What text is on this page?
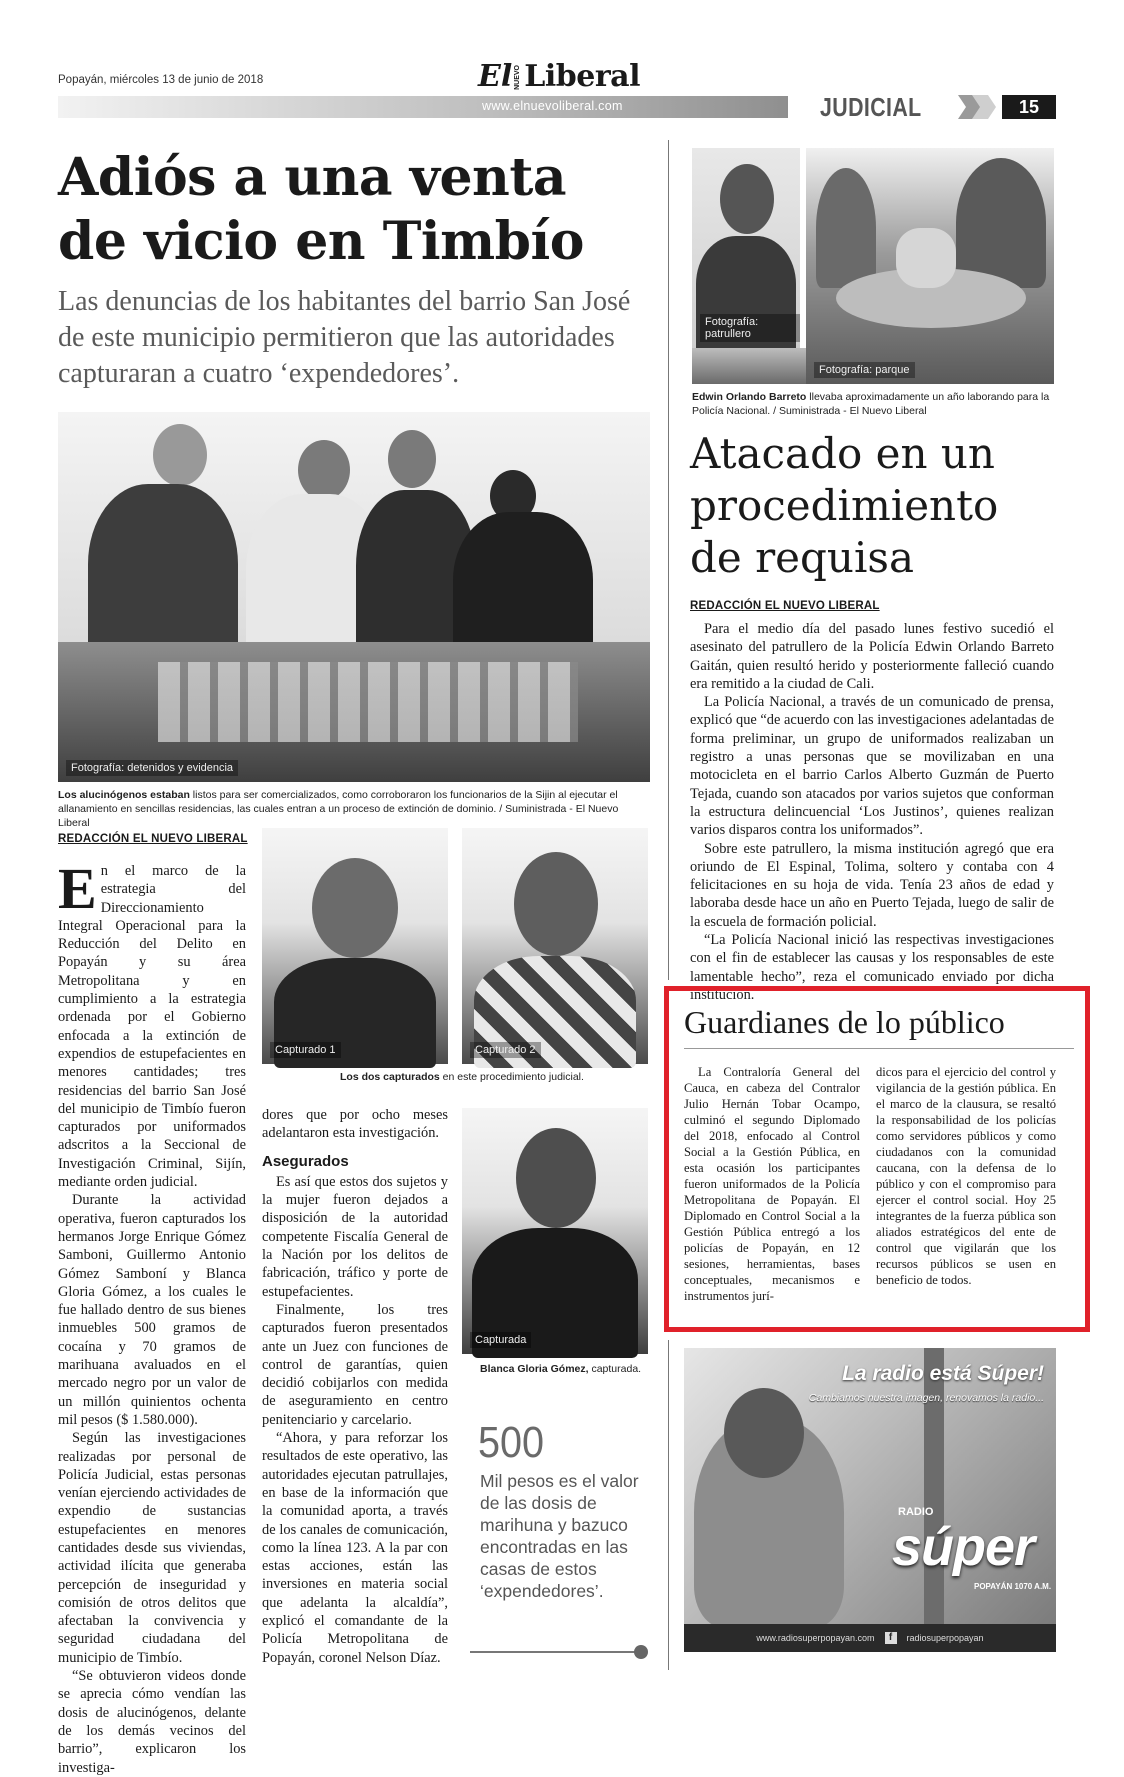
Popayán, miércoles 13 de junio de 2018	El NUEVO Liberal
www.elnuevoliberal.com	JUDICIAL	15
Adiós a una venta
de vicio en Timbío
Las denuncias de los habitantes del barrio San José de este municipio permitieron que las autoridades capturaran a cuatro ‘expendedores’.
Fotografía: detenidos y evidencia
Los alucinógenos estaban listos para ser comercializados, como corroboraron los funcionarios de la Sijin al ejecutar el allanamiento en sencillas residencias, las cuales entran a un proceso de extinción de dominio. / Suministrada - El Nuevo Liberal
REDACCIÓN EL NUEVO LIBERAL

En el marco de la estrategia del Direccionamiento Integral Operacional para la Reducción del Delito en Popayán y su área Metropolitana y en cumplimiento a la estrategia ordenada por el Gobierno enfocada a la extinción de expendios de estupefacientes en menores cantidades; tres residencias del barrio San José del municipio de Timbío fueron capturados por uniformados adscritos a la Seccional de Investigación Criminal, Sijín, mediante orden judicial.

Durante la actividad operativa, fueron capturados los hermanos Jorge Enrique Gómez Samboni, Guillermo Antonio Gómez Samboní y Blanca Gloria Gómez, a los cuales le fue hallado dentro de sus bienes inmuebles 500 gramos de cocaína y 70 gramos de marihuana avaluados en el mercado negro por un valor de un millón quinientos ochenta mil pesos ($ 1.580.000).

Según las investigaciones realizadas por personal de Policía Judicial, estas personas venían ejerciendo actividades de expendio de sustancias estupefacientes en menores cantidades desde sus viviendas, actividad ilícita que generaba percepción de inseguridad y comisión de otros delitos que afectaban la convivencia y seguridad ciudadana del municipio de Timbío.

“Se obtuvieron videos donde se aprecia cómo vendían las dosis de alucinógenos, delante de los demás vecinos del barrio”, explicaron los investiga-

Capturado 1	Capturado 2
Los dos capturados en este procedimiento judicial.

dores que por ocho meses adelantaron esta investigación.

Asegurados

Es así que estos dos sujetos y la mujer fueron dejados a disposición de la autoridad competente Fiscalía General de la Nación por los delitos de fabricación, tráfico y porte de estupefacientes.

Finalmente, los tres capturados fueron presentados ante un Juez con funciones de control de garantías, quien decidió cobijarlos con medida de aseguramiento en centro penitenciario y carcelario.

“Ahora, y para reforzar los resultados de este operativo, las autoridades ejecutan patrullajes, en base de la información que la comunidad aporta, a través de los canales de comunicación, como la línea 123. A la par con estas acciones, están las inversiones en materia social que adelanta la alcaldía”, explicó el comandante de la Policía Metropolitana de Popayán, coronel Nelson Díaz.

Capturada
Blanca Gloria Gómez, capturada.
500
Mil pesos es el valor de las dosis de marihuna y bazuco encontradas en las casas de estos ‘expendedores’.
Fotografía: patrullero
Fotografía: parque
Edwin Orlando Barreto llevaba aproximadamente un año laborando para la Policía Nacional. / Suministrada - El Nuevo Liberal
Atacado en un
procedimiento
de requisa
REDACCIÓN EL NUEVO LIBERAL

Para el medio día del pasado lunes festivo sucedió el asesinato del patrullero de la Policía Edwin Orlando Barreto Gaitán, quien resultó herido y posteriormente falleció cuando era remitido a la ciudad de Cali.

La Policía Nacional, a través de un comunicado de prensa, explicó que “de acuerdo con las investigaciones adelantadas de forma preliminar, un grupo de uniformados realizaban un registro a unas personas que se movilizaban en una motocicleta en el barrio Carlos Alberto Guzmán de Puerto Tejada, cuando son atacados por varios sujetos que conforman la estructura delincuencial ‘Los Justinos’, quienes realizan varios disparos contra los uniformados”.

Sobre este patrullero, la misma institución agregó que era oriundo de El Espinal, Tolima, soltero y contaba con 4 felicitaciones en su hoja de vida. Tenía 23 años de edad y laboraba desde hace un año en Puerto Tejada, luego de salir de la escuela de formación policial.

“La Policía Nacional inició las respectivas investigaciones con el fin de establecer las causas y los responsables de este lamentable hecho”, reza el comunicado enviado por dicha institución.

Guardianes de lo público
La Contraloría General del Cauca, en cabeza del Contralor Julio Hernán Tobar Ocampo, culminó el segundo Diplomado del 2018, enfocado al Control Social a la Gestión Pública, en esta ocasión los participantes fueron uniformados de la Policía Metropolitana de Popayán. El Diplomado en Control Social a la Gestión Pública entregó a los policías de Popayán, en 12 sesiones, herramientas, bases conceptuales, mecanismos e instrumentos jurí-
dicos para el ejercicio del control y vigilancia de la gestión pública. En el marco de la clausura, se resaltó la responsabilidad de los policías como servidores públicos y como ciudadanos con la comunidad caucana, con la defensa de lo público y con el compromiso para ejercer el control social. Hoy 25 integrantes de la fuerza pública son aliados estratégicos del ente de control que vigilarán que los recursos públicos se usen en beneficio de todos.
La radio está Súper!
Cambiamos nuestra imagen, renovamos la radio...
RADIO
súper
POPAYÁN 1070 A.M.
www.radiosuperpopayan.com	f	radiosuperpopayan
